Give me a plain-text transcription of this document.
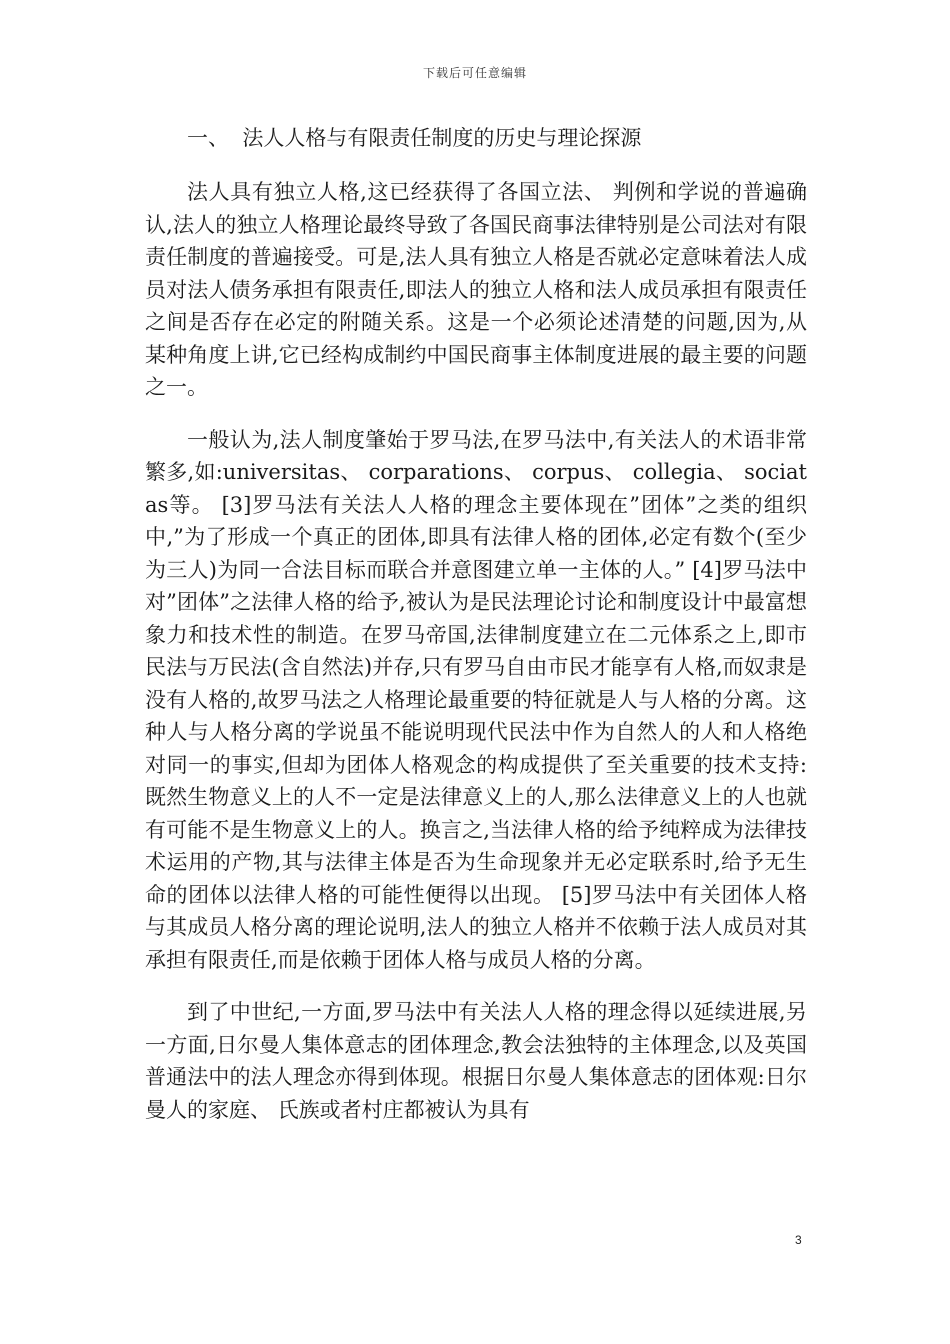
下载后可任意编辑
一、  法人人格与有限责任制度的历史与理论探源

法人具有独立人格,这已经获得了各国立法、 判例和学说的普遍确认,法人的独立人格理论最终导致了各国民商事法律特别是公司法对有限责任制度的普遍接受。可是,法人具有独立人格是否就必定意味着法人成员对法人债务承担有限责任,即法人的独立人格和法人成员承担有限责任之间是否存在必定的附随关系。这是一个必须论述清楚的问题,因为,从某种角度上讲,它已经构成制约中国民商事主体制度进展的最主要的问题之一。

一般认为,法人制度肇始于罗马法,在罗马法中,有关法人的术语非常繁多,如:universitas、 corparations、 corpus、 collegia、 sociatas等。 [3]罗马法有关法人人格的理念主要体现在”团体”之类的组织中,”为了形成一个真正的团体,即具有法律人格的团体,必定有数个(至少为三人)为同一合法目标而联合并意图建立单一主体的人。” [4]罗马法中对”团体”之法律人格的给予,被认为是民法理论讨论和制度设计中最富想象力和技术性的制造。在罗马帝国,法律制度建立在二元体系之上,即市民法与万民法(含自然法)并存,只有罗马自由市民才能享有人格,而奴隶是没有人格的,故罗马法之人格理论最重要的特征就是人与人格的分离。这种人与人格分离的学说虽不能说明现代民法中作为自然人的人和人格绝对同一的事实,但却为团体人格观念的构成提供了至关重要的技术支持:既然生物意义上的人不一定是法律意义上的人,那么法律意义上的人也就有可能不是生物意义上的人。换言之,当法律人格的给予纯粹成为法律技术运用的产物,其与法律主体是否为生命现象并无必定联系时,给予无生命的团体以法律人格的可能性便得以出现。 [5]罗马法中有关团体人格与其成员人格分离的理论说明,法人的独立人格并不依赖于法人成员对其承担有限责任,而是依赖于团体人格与成员人格的分离。

到了中世纪,一方面,罗马法中有关法人人格的理念得以延续进展,另一方面,日尔曼人集体意志的团体理念,教会法独特的主体理念,以及英国普通法中的法人理念亦得到体现。根据日尔曼人集体意志的团体观:日尔曼人的家庭、 氏族或者村庄都被认为具有

3
